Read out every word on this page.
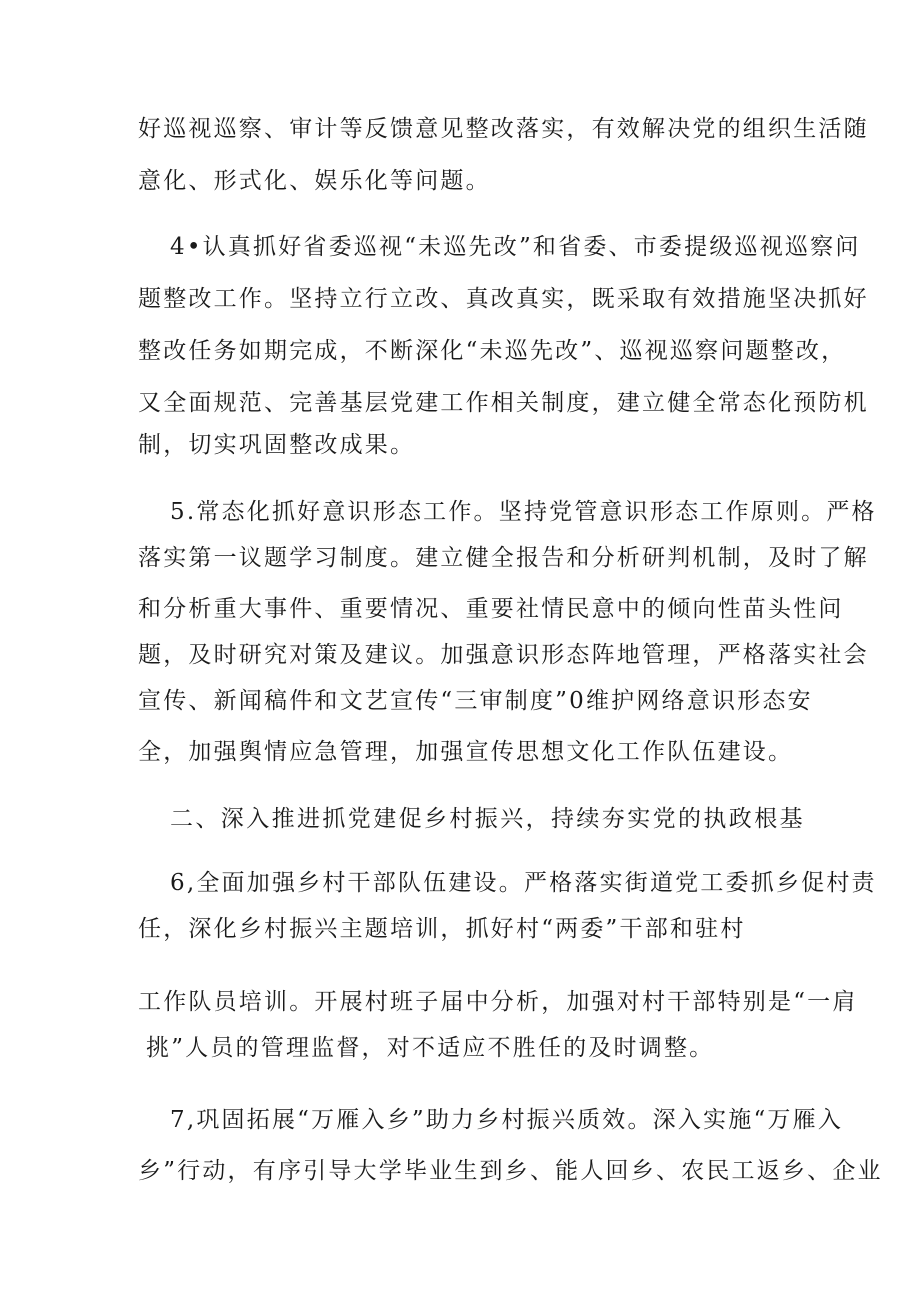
好巡视巡察、审计等反馈意见整改落实，有效解决党的组织生活随
意化、形式化、娱乐化等问题。
4•认真抓好省委巡视“未巡先改”和省委、市委提级巡视巡察问
题整改工作。坚持立行立改、真改真实，既采取有效措施坚决抓好
整改任务如期完成，不断深化“未巡先改”、巡视巡察问题整改，
又全面规范、完善基层党建工作相关制度，建立健全常态化预防机
制，切实巩固整改成果。
5.常态化抓好意识形态工作。坚持党管意识形态工作原则。严格
落实第一议题学习制度。建立健全报告和分析研判机制，及时了解
和分析重大事件、重要情况、重要社情民意中的倾向性苗头性问
题，及时研究对策及建议。加强意识形态阵地管理，严格落实社会
宣传、新闻稿件和文艺宣传“三审制度”0维护网络意识形态安
全，加强舆情应急管理，加强宣传思想文化工作队伍建设。
二、深入推进抓党建促乡村振兴，持续夯实党的执政根基
6,全面加强乡村干部队伍建设。严格落实街道党工委抓乡促村责
任，深化乡村振兴主题培训，抓好村“两委”干部和驻村
工作队员培训。开展村班子届中分析，加强对村干部特别是“一肩
挑”人员的管理监督，对不适应不胜任的及时调整。
7,巩固拓展“万雁入乡”助力乡村振兴质效。深入实施“万雁入
乡”行动，有序引导大学毕业生到乡、能人回乡、农民工返乡、企业
